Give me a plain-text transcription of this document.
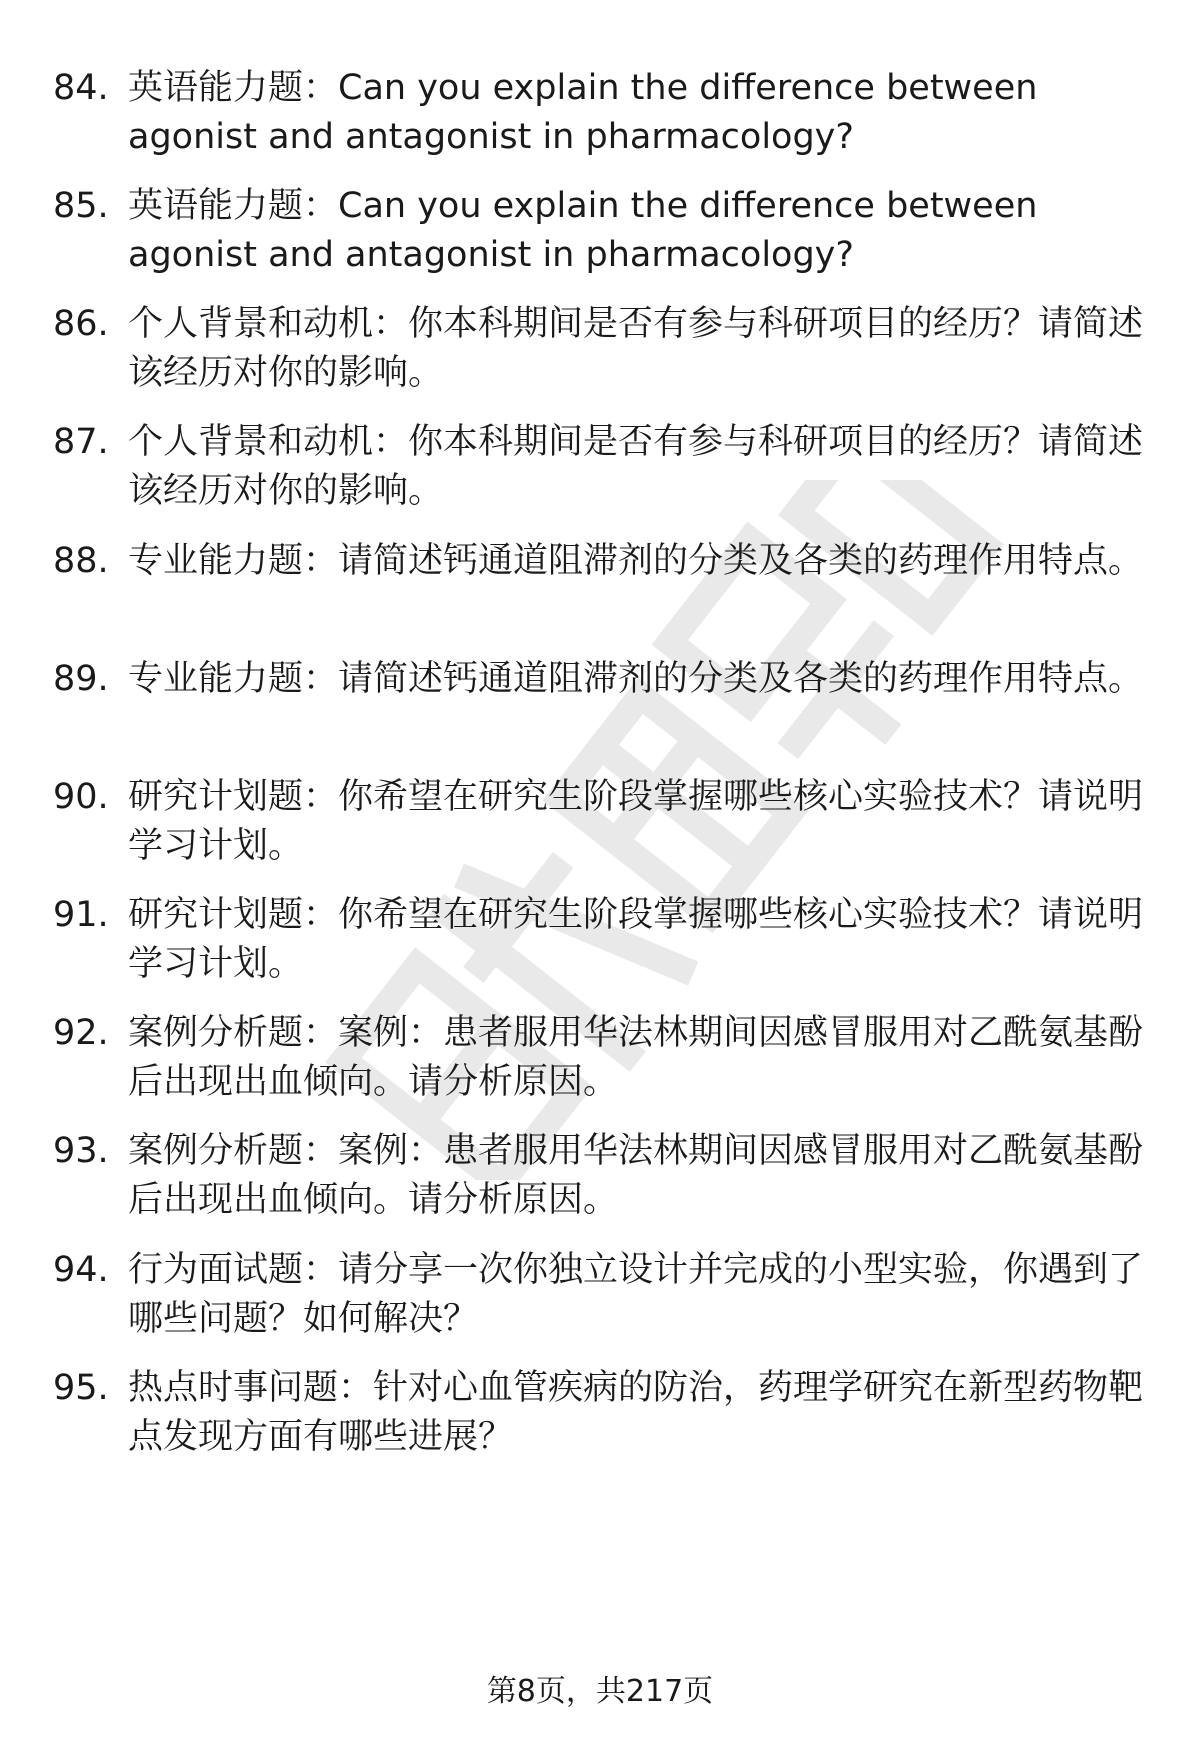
84. 英语能力题：Can you explain the difference between agonist and antagonist in pharmacology?
85. 英语能力题：Can you explain the difference between agonist and antagonist in pharmacology?
86. 个人背景和动机：你本科期间是否有参与科研项目的经历？请简述该经历对你的影响。
87. 个人背景和动机：你本科期间是否有参与科研项目的经历？请简述该经历对你的影响。
88. 专业能力题：请简述钙通道阻滞剂的分类及各类的药理作用特点。
89. 专业能力题：请简述钙通道阻滞剂的分类及各类的药理作用特点。
90. 研究计划题：你希望在研究生阶段掌握哪些核心实验技术？请说明学习计划。
91. 研究计划题：你希望在研究生阶段掌握哪些核心实验技术？请说明学习计划。
92. 案例分析题：案例：患者服用华法林期间因感冒服用对乙酰氨基酚后出现出血倾向。请分析原因。
93. 案例分析题：案例：患者服用华法林期间因感冒服用对乙酰氨基酚后出现出血倾向。请分析原因。
94. 行为面试题：请分享一次你独立设计并完成的小型实验，你遇到了哪些问题？如何解决？
95. 热点时事问题：针对心血管疾病的防治，药理学研究在新型药物靶点发现方面有哪些进展？
第8页，共217页
